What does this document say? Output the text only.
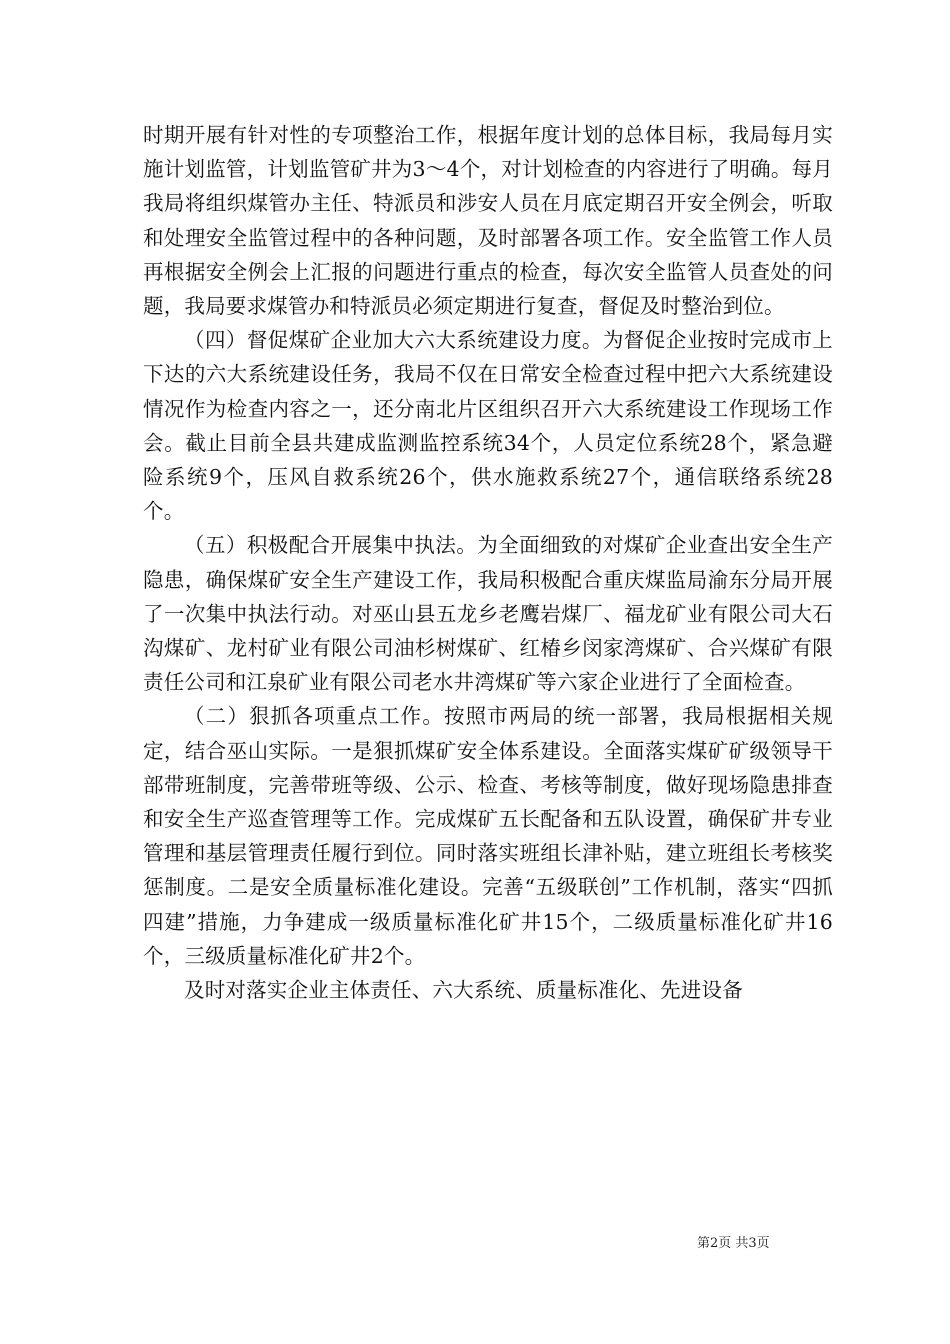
时期开展有针对性的专项整治工作，根据年度计划的总体目标，我局每月实施计划监管，计划监管矿井为3～4个，对计划检查的内容进行了明确。每月我局将组织煤管办主任、特派员和涉安人员在月底定期召开安全例会，听取和处理安全监管过程中的各种问题，及时部署各项工作。安全监管工作人员再根据安全例会上汇报的问题进行重点的检查，每次安全监管人员查处的问题，我局要求煤管办和特派员必须定期进行复查，督促及时整治到位。

（四）督促煤矿企业加大六大系统建设力度。为督促企业按时完成市上下达的六大系统建设任务，我局不仅在日常安全检查过程中把六大系统建设情况作为检查内容之一，还分南北片区组织召开六大系统建设工作现场工作会。截止目前全县共建成监测监控系统34个，人员定位系统28个，紧急避险系统9个，压风自救系统26个，供水施救系统27个，通信联络系统28个。

（五）积极配合开展集中执法。为全面细致的对煤矿企业查出安全生产隐患，确保煤矿安全生产建设工作，我局积极配合重庆煤监局渝东分局开展了一次集中执法行动。对巫山县五龙乡老鹰岩煤厂、福龙矿业有限公司大石沟煤矿、龙村矿业有限公司油杉树煤矿、红椿乡闵家湾煤矿、合兴煤矿有限责任公司和江泉矿业有限公司老水井湾煤矿等六家企业进行了全面检查。

（二）狠抓各项重点工作。按照市两局的统一部署，我局根据相关规定，结合巫山实际。一是狠抓煤矿安全体系建设。全面落实煤矿矿级领导干部带班制度，完善带班等级、公示、检查、考核等制度，做好现场隐患排查和安全生产巡查管理等工作。完成煤矿五长配备和五队设置，确保矿井专业管理和基层管理责任履行到位。同时落实班组长津补贴，建立班组长考核奖惩制度。二是安全质量标准化建设。完善“五级联创”工作机制，落实“四抓四建”措施，力争建成一级质量标准化矿井15个，二级质量标准化矿井16个，三级质量标准化矿井2个。

及时对落实企业主体责任、六大系统、质量标准化、先进设备

第2页 共3页
